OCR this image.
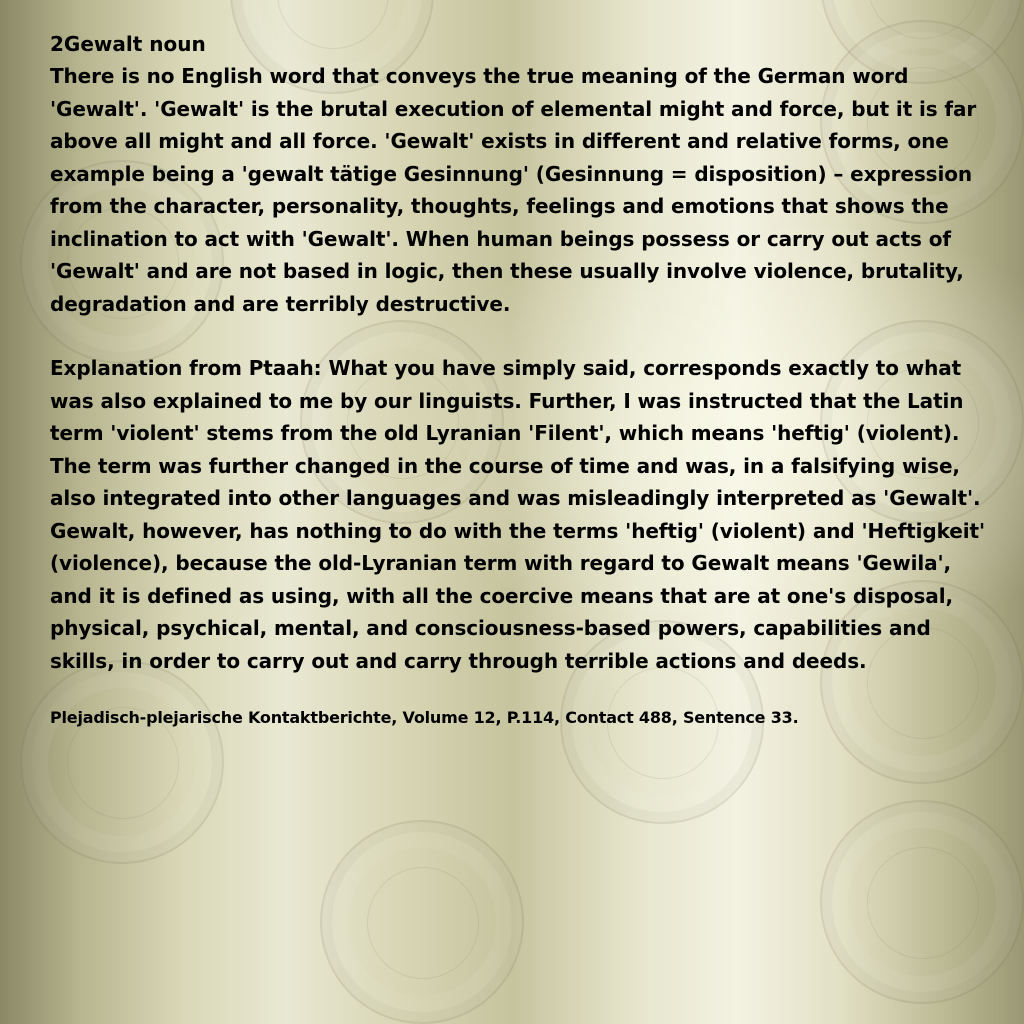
2Gewalt noun

There is no English word that conveys the true meaning of the German word 'Gewalt'. 'Gewalt' is the brutal execution of elemental might and force, but it is far above all might and all force. 'Gewalt' exists in different and relative forms, one example being a 'gewalt tätige Gesinnung' (Gesinnung = disposition) – expression from the character, personality, thoughts, feelings and emotions that shows the inclination to act with 'Gewalt'. When human beings possess or carry out acts of 'Gewalt' and are not based in logic, then these usually involve violence, brutality, degradation and are terribly destructive.

Explanation from Ptaah: What you have simply said, corresponds exactly to what was also explained to me by our linguists. Further, I was instructed that the Latin term 'violent' stems from the old Lyranian 'Filent', which means 'heftig' (violent). The term was further changed in the course of time and was, in a falsifying wise, also integrated into other languages and was misleadingly interpreted as 'Gewalt'. Gewalt, however, has nothing to do with the terms 'heftig' (violent) and 'Heftigkeit' (violence), because the old-Lyranian term with regard to Gewalt means 'Gewila', and it is defined as using, with all the coercive means that are at one's disposal, physical, psychical, mental, and consciousness-based powers, capabilities and skills, in order to carry out and carry through terrible actions and deeds.

Plejadisch-plejarische Kontaktberichte, Volume 12, P.114, Contact 488, Sentence 33.
